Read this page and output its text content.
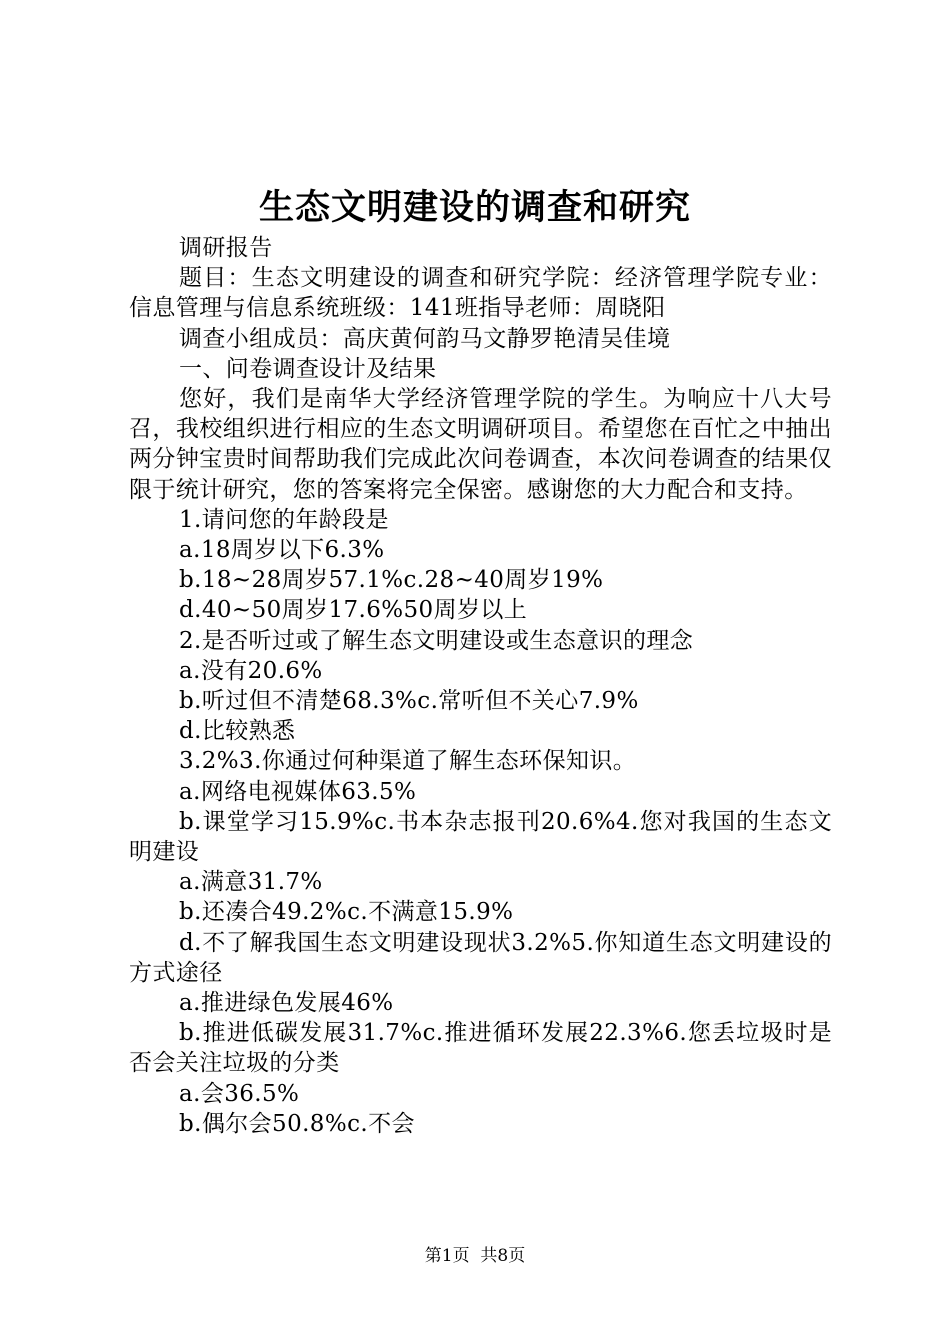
生态文明建设的调查和研究

调研报告

题目：生态文明建设的调查和研究学院：经济管理学院专业：信息管理与信息系统班级：141班指导老师：周晓阳

调查小组成员：高庆黄何韵马文静罗艳清吴佳境

一、问卷调查设计及结果

您好，我们是南华大学经济管理学院的学生。为响应十八大号召，我校组织进行相应的生态文明调研项目。希望您在百忙之中抽出两分钟宝贵时间帮助我们完成此次问卷调查，本次问卷调查的结果仅限于统计研究，您的答案将完全保密。感谢您的大力配合和支持。

1.请问您的年龄段是

a.18周岁以下6.3%

b.18~28周岁57.1%c.28~40周岁19%

d.40~50周岁17.6%50周岁以上

2.是否听过或了解生态文明建设或生态意识的理念

a.没有20.6%

b.听过但不清楚68.3%c.常听但不关心7.9%

d.比较熟悉

3.2%3.你通过何种渠道了解生态环保知识。

a.网络电视媒体63.5%

b.课堂学习15.9%c.书本杂志报刊20.6%4.您对我国的生态文明建设

a.满意31.7%

b.还凑合49.2%c.不满意15.9%

d.不了解我国生态文明建设现状3.2%5.你知道生态文明建设的方式途径

a.推进绿色发展46%

b.推进低碳发展31.7%c.推进循环发展22.3%6.您丢垃圾时是否会关注垃圾的分类

a.会36.5%

b.偶尔会50.8%c.不会

第1页 共8页
